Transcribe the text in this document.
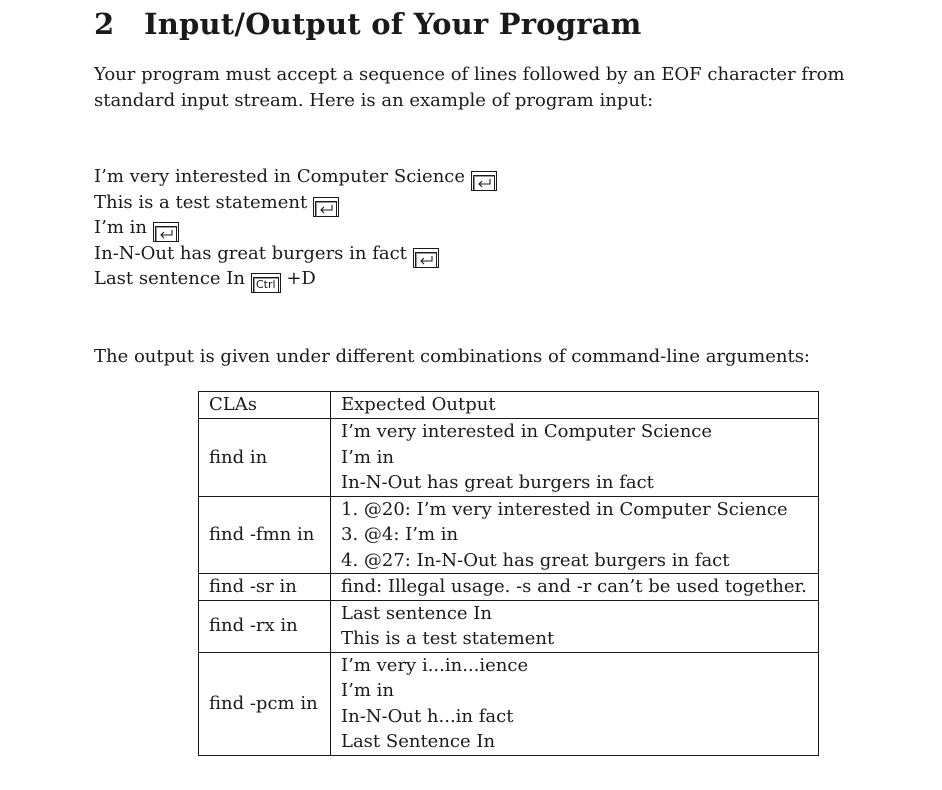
2 Input/Output of Your Program

Your program must accept a sequence of lines followed by an EOF character from standard input stream. Here is an example of program input:

I’m very interested in Computer Science
This is a test statement
I’m in
In-N-Out has great burgers in fact
Last sentence In Ctrl +D

The output is given under different combinations of command-line arguments:

CLAs	Expected Output
find in	I’m very interested in Computer Science
I’m in
In-N-Out has great burgers in fact

find -fmn in	1. @20: I’m very interested in Computer Science
3. @4: I’m in
4. @27: In-N-Out has great burgers in fact

find -sr in	find: Illegal usage. -s and -r can’t be used together.

find -rx in	Last sentence In
This is a test statement

find -pcm in	I’m very i...in...ience
I’m in
In-N-Out h...in fact
Last Sentence In
